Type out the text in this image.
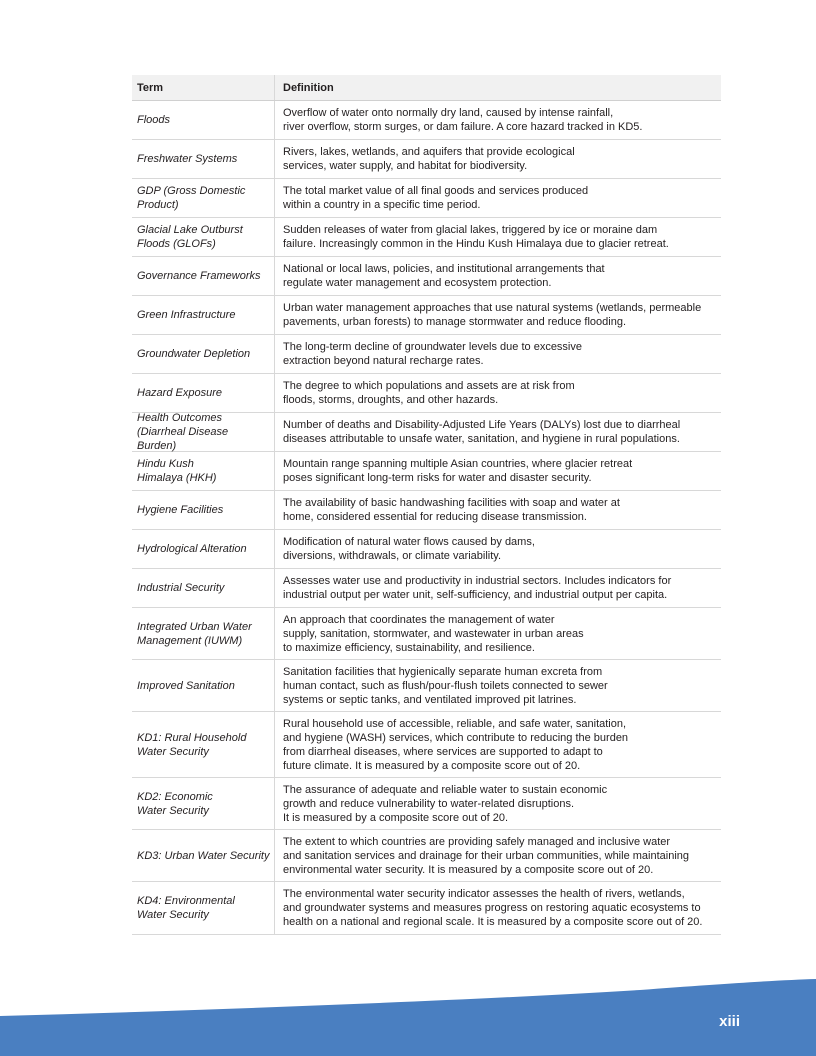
Term	Definition
Floods
Overflow of water onto normally dry land, caused by intense rainfall,
river overflow, storm surges, or dam failure. A core hazard tracked in KD5.
Freshwater Systems
Rivers, lakes, wetlands, and aquifers that provide ecological
services, water supply, and habitat for biodiversity.
GDP (Gross Domestic
Product)
The total market value of all final goods and services produced
within a country in a specific time period.
Glacial Lake Outburst
Floods (GLOFs)
Sudden releases of water from glacial lakes, triggered by ice or moraine dam
failure. Increasingly common in the Hindu Kush Himalaya due to glacier retreat.
Governance Frameworks
National or local laws, policies, and institutional arrangements that
regulate water management and ecosystem protection.
Green Infrastructure
Urban water management approaches that use natural systems (wetlands, permeable
pavements, urban forests) to manage stormwater and reduce flooding.
Groundwater Depletion
The long-term decline of groundwater levels due to excessive
extraction beyond natural recharge rates.
Hazard Exposure
The degree to which populations and assets are at risk from
floods, storms, droughts, and other hazards.
Health Outcomes
(Diarrheal Disease Burden)
Number of deaths and Disability-Adjusted Life Years (DALYs) lost due to diarrheal
diseases attributable to unsafe water, sanitation, and hygiene in rural populations.
Hindu Kush
Himalaya (HKH)
Mountain range spanning multiple Asian countries, where glacier retreat
poses significant long-term risks for water and disaster security.
Hygiene Facilities
The availability of basic handwashing facilities with soap and water at
home, considered essential for reducing disease transmission.
Hydrological Alteration
Modification of natural water flows caused by dams,
diversions, withdrawals, or climate variability.
Industrial Security
Assesses water use and productivity in industrial sectors. Includes indicators for
industrial output per water unit, self-sufficiency, and industrial output per capita.
Integrated Urban Water
Management (IUWM)
An approach that coordinates the management of water
supply, sanitation, stormwater, and wastewater in urban areas
to maximize efficiency, sustainability, and resilience.
Improved Sanitation
Sanitation facilities that hygienically separate human excreta from
human contact, such as flush/pour-flush toilets connected to sewer
systems or septic tanks, and ventilated improved pit latrines.
KD1: Rural Household
Water Security
Rural household use of accessible, reliable, and safe water, sanitation,
and hygiene (WASH) services, which contribute to reducing the burden
from diarrheal diseases, where services are supported to adapt to
future climate. It is measured by a composite score out of 20.
KD2: Economic
Water Security
The assurance of adequate and reliable water to sustain economic
growth and reduce vulnerability to water-related disruptions.
It is measured by a composite score out of 20.
KD3: Urban Water Security
The extent to which countries are providing safely managed and inclusive water
and sanitation services and drainage for their urban communities, while maintaining
environmental water security. It is measured by a composite score out of 20.
KD4: Environmental
Water Security
The environmental water security indicator assesses the health of rivers, wetlands,
and groundwater systems and measures progress on restoring aquatic ecosystems to
health on a national and regional scale. It is measured by a composite score out of 20.
xiii
